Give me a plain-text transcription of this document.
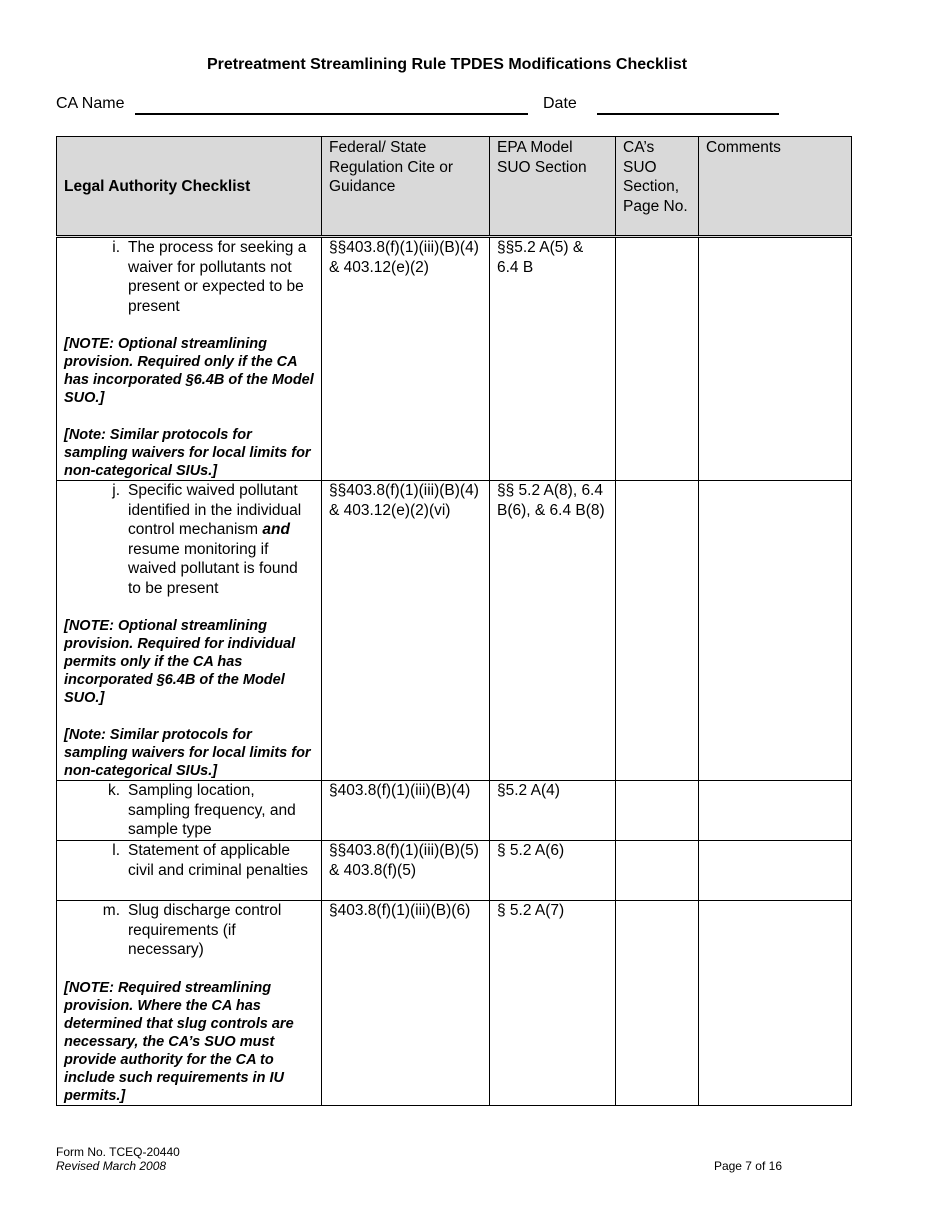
Pretreatment Streamlining Rule TPDES Modifications Checklist
CA Name	Date
Legal Authority Checklist	Federal/ State Regulation Cite or Guidance	EPA Model SUO Section	CA’s SUO Section, Page No.	Comments

i. The process for seeking a waiver for pollutants not present or expected to be present
[NOTE: Optional streamlining provision. Required only if the CA has incorporated §6.4B of the Model SUO.]
[Note: Similar protocols for sampling waivers for local limits for non-categorical SIUs.]	§§403.8(f)(1)(iii)(B)(4) & 403.12(e)(2)	§§5.2 A(5) & 6.4 B		

j. Specific waived pollutant identified in the individual control mechanism and resume monitoring if waived pollutant is found to be present
[NOTE: Optional streamlining provision. Required for individual permits only if the CA has incorporated §6.4B of the Model SUO.]
[Note: Similar protocols for sampling waivers for local limits for non-categorical SIUs.]	§§403.8(f)(1)(iii)(B)(4) & 403.12(e)(2)(vi)	§§ 5.2 A(8), 6.4 B(6), & 6.4 B(8)		

k. Sampling location, sampling frequency, and sample type	§403.8(f)(1)(iii)(B)(4)	§5.2 A(4)		

l. Statement of applicable civil and criminal penalties	§§403.8(f)(1)(iii)(B)(5) & 403.8(f)(5)	§ 5.2 A(6)		

m. Slug discharge control requirements (if necessary)
[NOTE: Required streamlining provision. Where the CA has determined that slug controls are necessary, the CA’s SUO must provide authority for the CA to include such requirements in IU permits.]	§403.8(f)(1)(iii)(B)(6)	§ 5.2 A(7)		
Form No. TCEQ-20440
Revised March 2008	Page 7 of 16
